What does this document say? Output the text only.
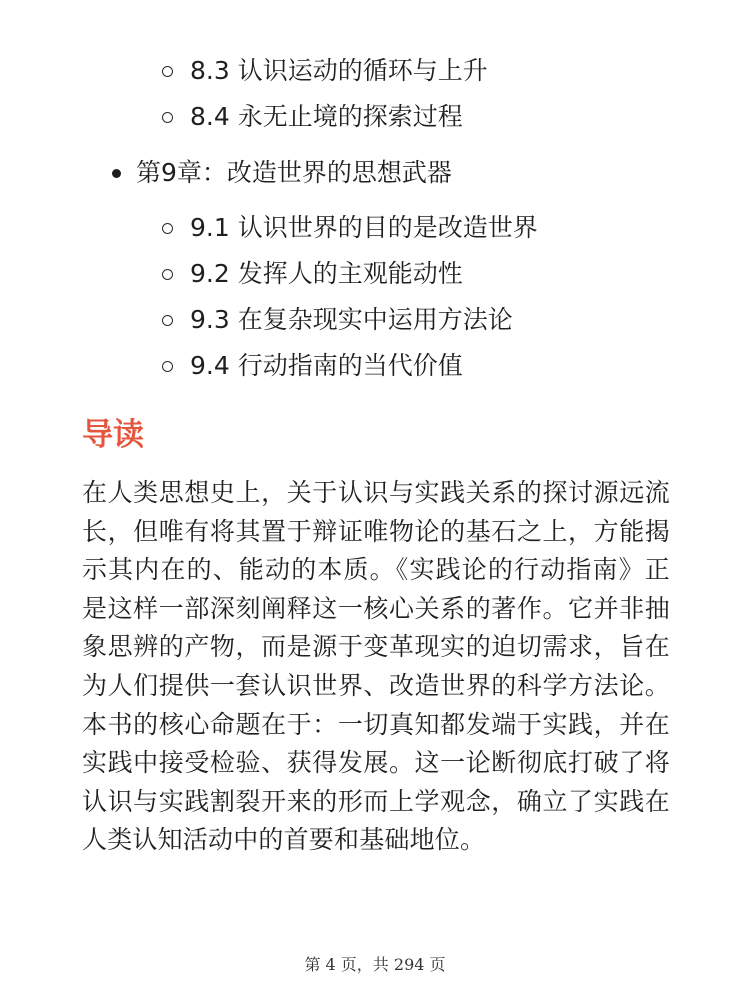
8.3 认识运动的循环与上升
8.4 永无止境的探索过程
第9章：改造世界的思想武器
9.1 认识世界的目的是改造世界
9.2 发挥人的主观能动性
9.3 在复杂现实中运用方法论
9.4 行动指南的当代价值
导读

在人类思想史上，关于认识与实践关系的探讨源远流长，但唯有将其置于辩证唯物论的基石之上，方能揭示其内在的、能动的本质。《实践论的行动指南》正是这样一部深刻阐释这一核心关系的著作。它并非抽象思辨的产物，而是源于变革现实的迫切需求，旨在为人们提供一套认识世界、改造世界的科学方法论。本书的核心命题在于：一切真知都发端于实践，并在实践中接受检验、获得发展。这一论断彻底打破了将认识与实践割裂开来的形而上学观念，确立了实践在人类认知活动中的首要和基础地位。

第 4 页，共 294 页
